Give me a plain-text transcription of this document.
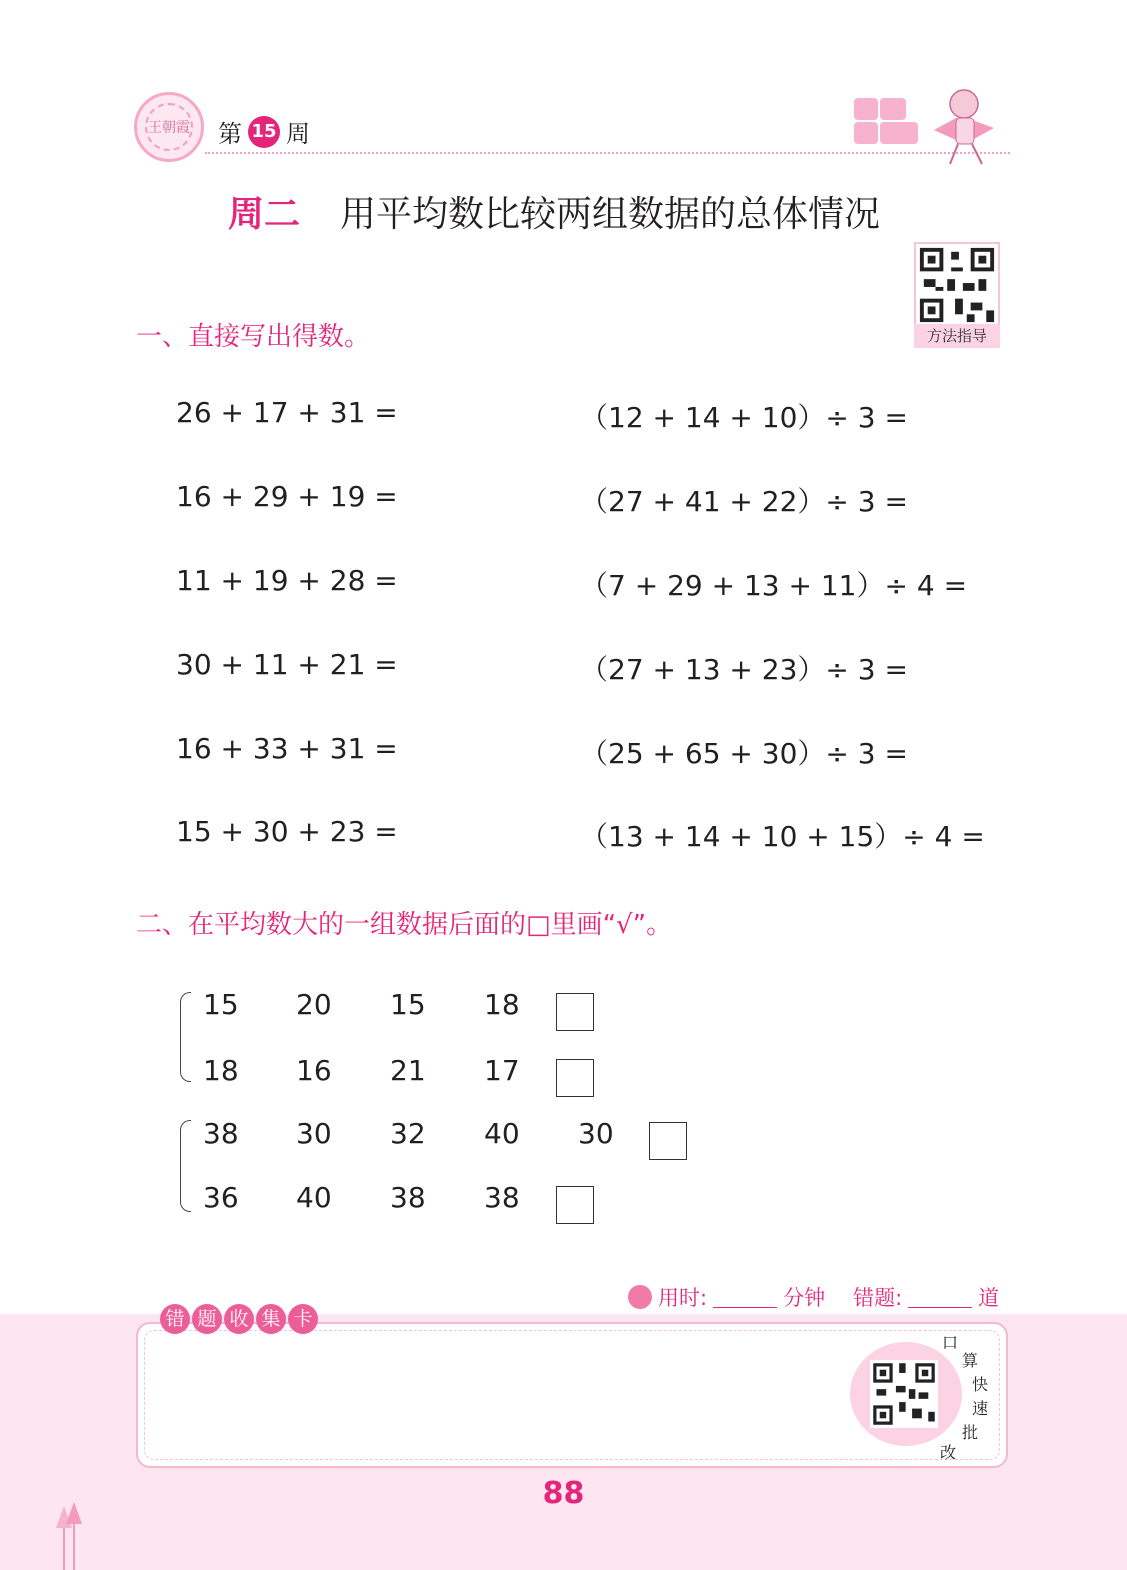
王朝霞 第 15 周
周二 用平均数比较两组数据的总体情况
方法指导
一、直接写出得数。
26 + 17 + 31 =
16 + 29 + 19 =
11 + 19 + 28 =
30 + 11 + 21 =
16 + 33 + 31 =
15 + 30 + 23 =
（12 + 14 + 10）÷ 3 =
（27 + 41 + 22）÷ 3 =
（7 + 29 + 13 + 11）÷ 4 =
（27 + 13 + 23）÷ 3 =
（25 + 65 + 30）÷ 3 =
（13 + 14 + 10 + 15）÷ 4 =
二、在平均数大的一组数据后面的□里画“√”。
15 20 15 18
18 16 21 17
38 30 32 40 30
36 40 38 38
用时:	分钟 错题:	道
错 题 收 集 卡
口
算
快
速
批
改
88
